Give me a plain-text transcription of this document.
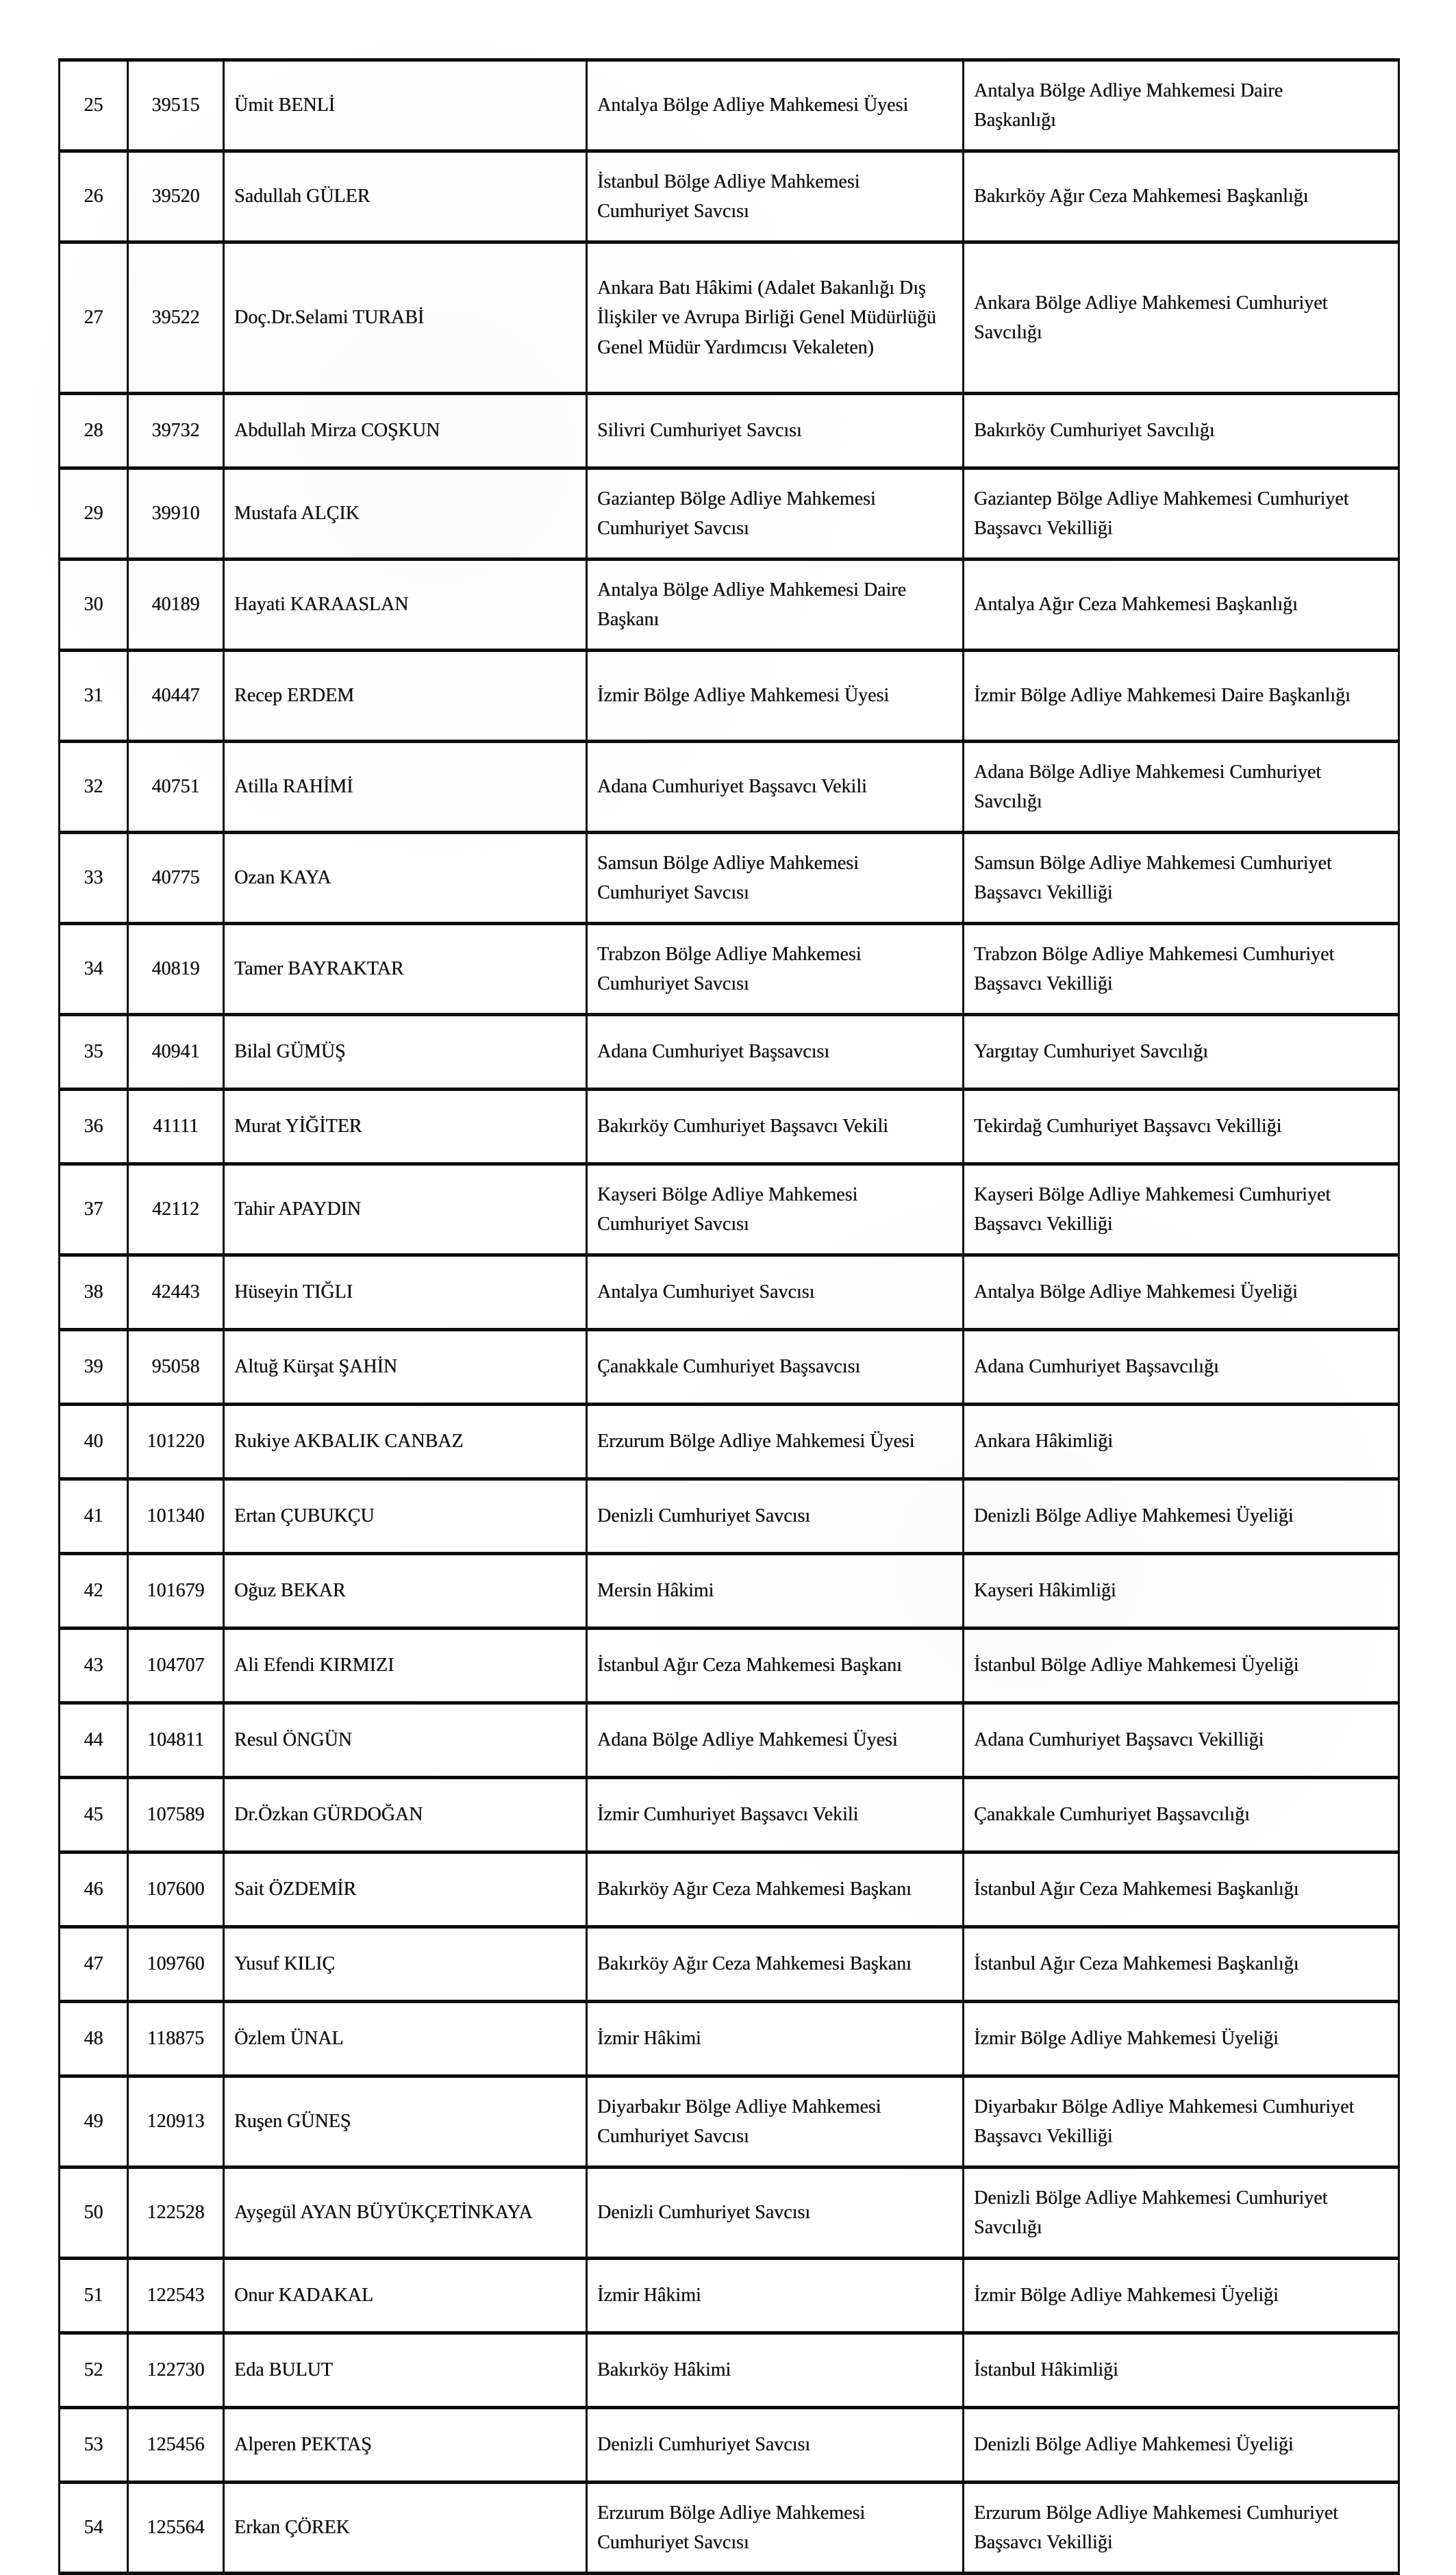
25	39515	Ümit BENLİ	Antalya Bölge Adliye Mahkemesi Üyesi	Antalya Bölge Adliye Mahkemesi Daire Başkanlığı
26	39520	Sadullah GÜLER	İstanbul Bölge Adliye Mahkemesi Cumhuriyet Savcısı	Bakırköy Ağır Ceza Mahkemesi Başkanlığı
27	39522	Doç.Dr.Selami TURABİ	Ankara Batı Hâkimi (Adalet Bakanlığı Dış İlişkiler ve Avrupa Birliği Genel Müdürlüğü Genel Müdür Yardımcısı Vekaleten)	Ankara Bölge Adliye Mahkemesi Cumhuriyet Savcılığı
28	39732	Abdullah Mirza COŞKUN	Silivri Cumhuriyet Savcısı	Bakırköy Cumhuriyet Savcılığı
29	39910	Mustafa ALÇIK	Gaziantep Bölge Adliye Mahkemesi Cumhuriyet Savcısı	Gaziantep Bölge Adliye Mahkemesi Cumhuriyet Başsavcı Vekilliği
30	40189	Hayati KARAASLAN	Antalya Bölge Adliye Mahkemesi Daire Başkanı	Antalya Ağır Ceza Mahkemesi Başkanlığı
31	40447	Recep ERDEM	İzmir Bölge Adliye Mahkemesi Üyesi	İzmir Bölge Adliye Mahkemesi Daire Başkanlığı
32	40751	Atilla RAHİMİ	Adana Cumhuriyet Başsavcı Vekili	Adana Bölge Adliye Mahkemesi Cumhuriyet Savcılığı
33	40775	Ozan KAYA	Samsun Bölge Adliye Mahkemesi Cumhuriyet Savcısı	Samsun Bölge Adliye Mahkemesi Cumhuriyet Başsavcı Vekilliği
34	40819	Tamer BAYRAKTAR	Trabzon Bölge Adliye Mahkemesi Cumhuriyet Savcısı	Trabzon Bölge Adliye Mahkemesi Cumhuriyet Başsavcı Vekilliği
35	40941	Bilal GÜMÜŞ	Adana Cumhuriyet Başsavcısı	Yargıtay Cumhuriyet Savcılığı
36	41111	Murat YİĞİTER	Bakırköy Cumhuriyet Başsavcı Vekili	Tekirdağ Cumhuriyet Başsavcı Vekilliği
37	42112	Tahir APAYDIN	Kayseri Bölge Adliye Mahkemesi Cumhuriyet Savcısı	Kayseri Bölge Adliye Mahkemesi Cumhuriyet Başsavcı Vekilliği
38	42443	Hüseyin TIĞLI	Antalya Cumhuriyet Savcısı	Antalya Bölge Adliye Mahkemesi Üyeliği
39	95058	Altuğ Kürşat ŞAHİN	Çanakkale Cumhuriyet Başsavcısı	Adana Cumhuriyet Başsavcılığı
40	101220	Rukiye AKBALIK CANBAZ	Erzurum Bölge Adliye Mahkemesi Üyesi	Ankara Hâkimliği
41	101340	Ertan ÇUBUKÇU	Denizli Cumhuriyet Savcısı	Denizli Bölge Adliye Mahkemesi Üyeliği
42	101679	Oğuz BEKAR	Mersin Hâkimi	Kayseri Hâkimliği
43	104707	Ali Efendi KIRMIZI	İstanbul Ağır Ceza Mahkemesi Başkanı	İstanbul Bölge Adliye Mahkemesi Üyeliği
44	104811	Resul ÖNGÜN	Adana Bölge Adliye Mahkemesi Üyesi	Adana Cumhuriyet Başsavcı Vekilliği
45	107589	Dr.Özkan GÜRDOĞAN	İzmir Cumhuriyet Başsavcı Vekili	Çanakkale Cumhuriyet Başsavcılığı
46	107600	Sait ÖZDEMİR	Bakırköy Ağır Ceza Mahkemesi Başkanı	İstanbul Ağır Ceza Mahkemesi Başkanlığı
47	109760	Yusuf KILIÇ	Bakırköy Ağır Ceza Mahkemesi Başkanı	İstanbul Ağır Ceza Mahkemesi Başkanlığı
48	118875	Özlem ÜNAL	İzmir Hâkimi	İzmir Bölge Adliye Mahkemesi Üyeliği
49	120913	Ruşen GÜNEŞ	Diyarbakır Bölge Adliye Mahkemesi Cumhuriyet Savcısı	Diyarbakır Bölge Adliye Mahkemesi Cumhuriyet Başsavcı Vekilliği
50	122528	Ayşegül AYAN BÜYÜKÇETİNKAYA	Denizli Cumhuriyet Savcısı	Denizli Bölge Adliye Mahkemesi Cumhuriyet Savcılığı
51	122543	Onur KADAKAL	İzmir Hâkimi	İzmir Bölge Adliye Mahkemesi Üyeliği
52	122730	Eda BULUT	Bakırköy Hâkimi	İstanbul Hâkimliği
53	125456	Alperen PEKTAŞ	Denizli Cumhuriyet Savcısı	Denizli Bölge Adliye Mahkemesi Üyeliği
54	125564	Erkan ÇÖREK	Erzurum Bölge Adliye Mahkemesi Cumhuriyet Savcısı	Erzurum Bölge Adliye Mahkemesi Cumhuriyet Başsavcı Vekilliği
